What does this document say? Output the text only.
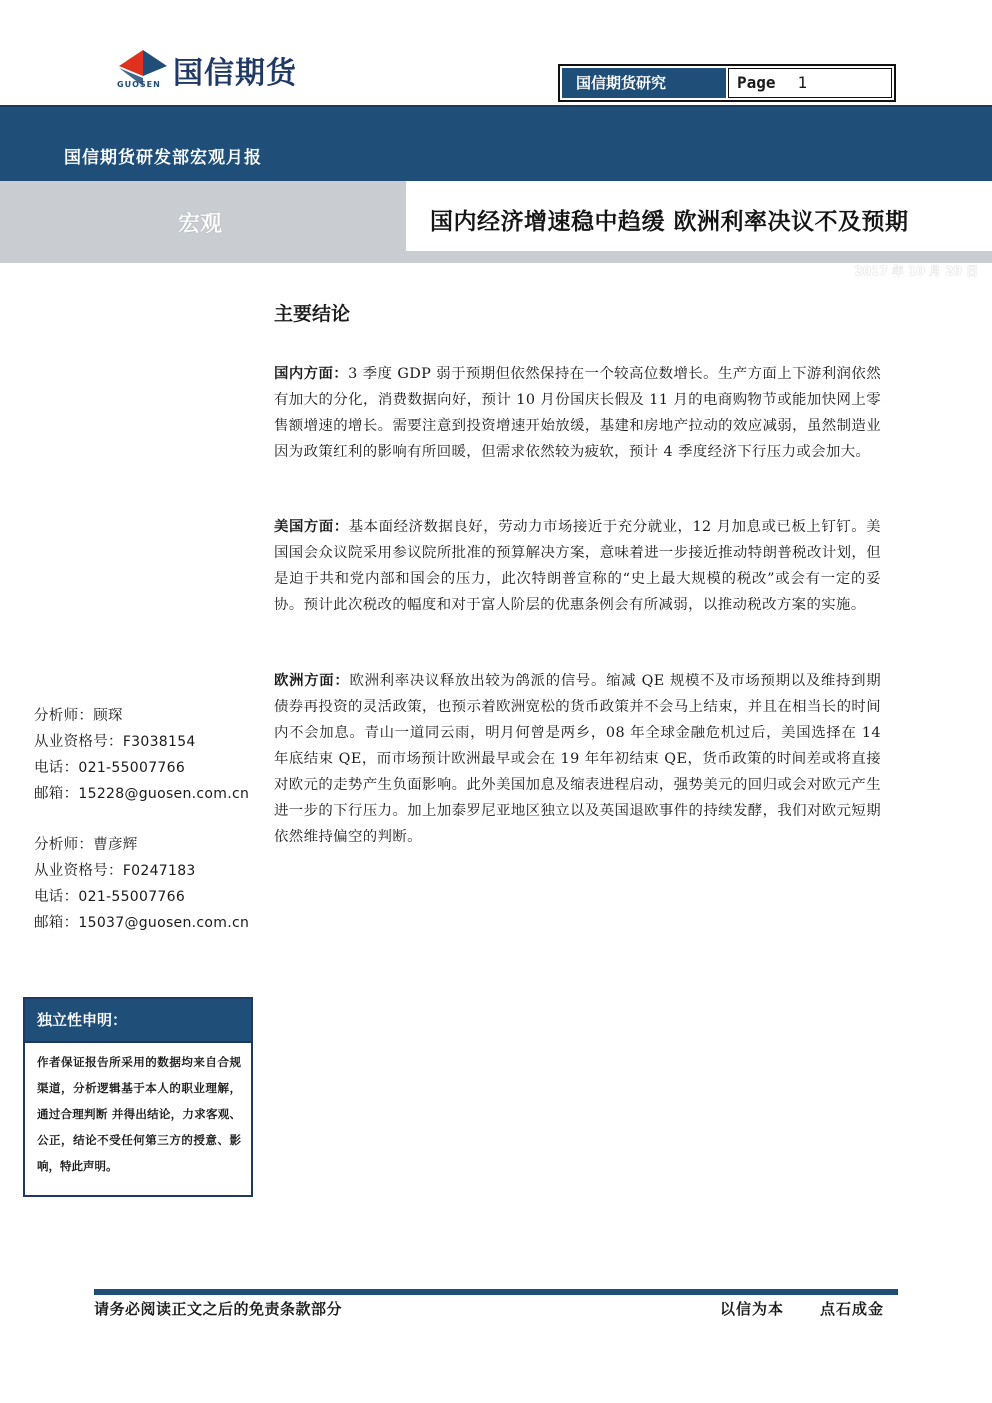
国信期货
GUOSEN	国信期货研究	Page 1
国信期货研发部宏观月报
宏观	国内经济增速稳中趋缓 欧洲利率决议不及预期
2017 年 10 月 29 日
主要结论
国内方面：3 季度 GDP 弱于预期但依然保持在一个较高位数增长。生产方面上下游利润依然有加大的分化，消费数据向好，预计 10 月份国庆长假及 11 月的电商购物节或能加快网上零售额增速的增长。需要注意到投资增速开始放缓，基建和房地产拉动的效应减弱，虽然制造业因为政策红利的影响有所回暖，但需求依然较为疲软，预计 4 季度经济下行压力或会加大。
美国方面：基本面经济数据良好，劳动力市场接近于充分就业，12 月加息或已板上钉钉。美国国会众议院采用参议院所批准的预算解决方案，意味着进一步接近推动特朗普税改计划，但是迫于共和党内部和国会的压力，此次特朗普宣称的“史上最大规模的税改”或会有一定的妥协。预计此次税改的幅度和对于富人阶层的优惠条例会有所减弱，以推动税改方案的实施。
欧洲方面：欧洲利率决议释放出较为鸽派的信号。缩减 QE 规模不及市场预期以及维持到期债券再投资的灵活政策，也预示着欧洲宽松的货币政策并不会马上结束，并且在相当长的时间内不会加息。青山一道同云雨，明月何曾是两乡，08 年全球金融危机过后，美国选择在 14 年底结束 QE，而市场预计欧洲最早或会在 19 年年初结束 QE，货币政策的时间差或将直接对欧元的走势产生负面影响。此外美国加息及缩表进程启动，强势美元的回归或会对欧元产生进一步的下行压力。加上加泰罗尼亚地区独立以及英国退欧事件的持续发酵，我们对欧元短期依然维持偏空的判断。
分析师：顾琛
从业资格号：F3038154
电话：021-55007766
邮箱：15228@guosen.com.cn
分析师：曹彦辉
从业资格号：F0247183
电话：021-55007766
邮箱：15037@guosen.com.cn
独立性申明：
作者保证报告所采用的数据均来自合规渠道，分析逻辑基于本人的职业理解，通过合理判断 并得出结论，力求客观、公正，结论不受任何第三方的授意、影响，特此声明。
请务必阅读正文之后的免责条款部分	以信为本 点石成金
